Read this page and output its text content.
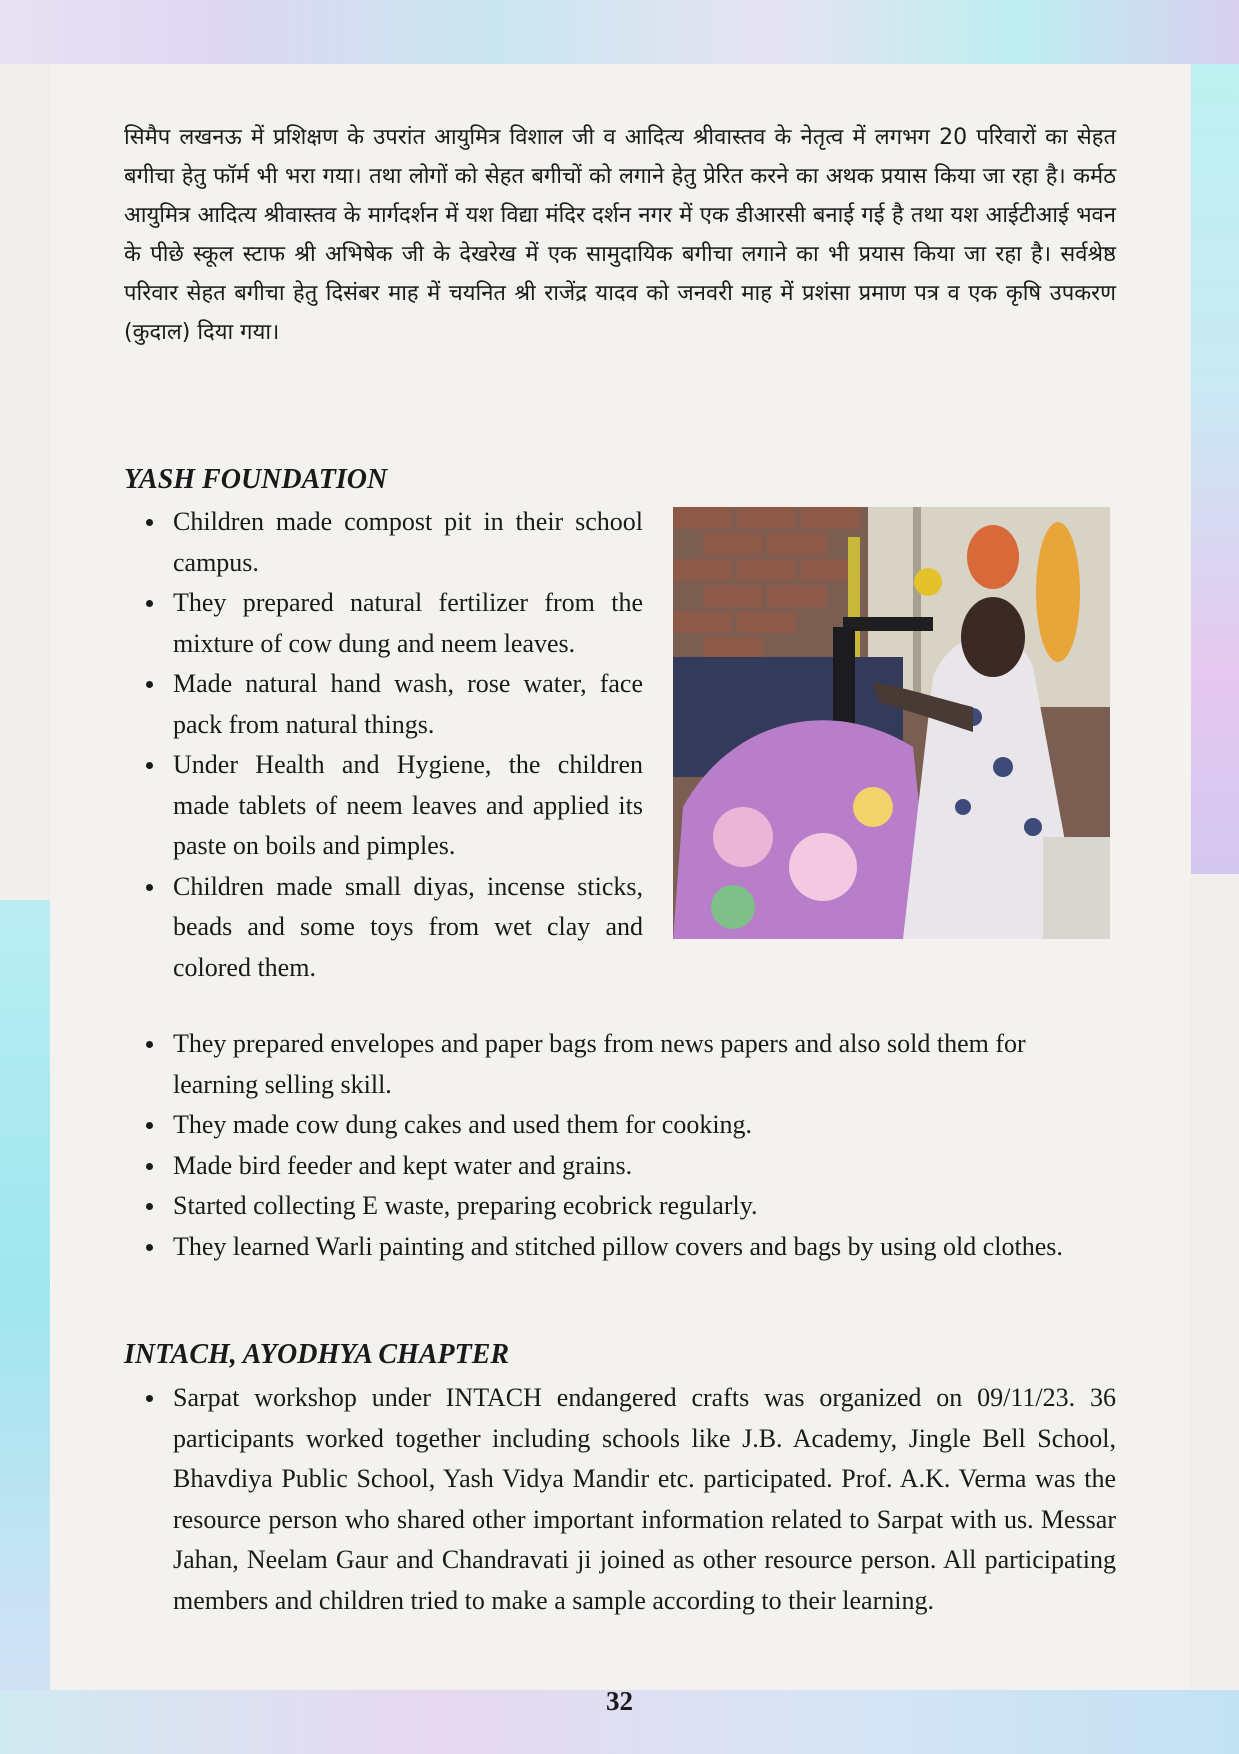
सिमैप लखनऊ में प्रशिक्षण के उपरांत आयुमित्र विशाल जी व आदित्य श्रीवास्तव के नेतृत्व में लगभग 20 परिवारों का सेहत बगीचा हेतु फॉर्म भी भरा गया। तथा लोगों को सेहत बगीचों को लगाने हेतु प्रेरित करने का अथक प्रयास किया जा रहा है। कर्मठ आयुमित्र आदित्य श्रीवास्तव के मार्गदर्शन में यश विद्या मंदिर दर्शन नगर में एक डीआरसी बनाई गई है तथा यश आईटीआई भवन के पीछे स्कूल स्टाफ श्री अभिषेक जी के देखरेख में एक सामुदायिक बगीचा लगाने का भी प्रयास किया जा रहा है। सर्वश्रेष्ठ परिवार सेहत बगीचा हेतु दिसंबर माह में चयनित श्री राजेंद्र यादव को जनवरी माह में प्रशंसा प्रमाण पत्र व एक कृषि उपकरण (कुदाल) दिया गया।

YASH FOUNDATION
Children made compost pit in their school campus.
They prepared natural fertilizer from the mixture of cow dung and neem leaves.
Made natural hand wash, rose water, face pack from natural things.
Under Health and Hygiene, the children made tablets of neem leaves and applied its paste on boils and pimples.
Children made small diyas, incense sticks, beads and some toys from wet clay and colored them.
They prepared envelopes and paper bags from news papers and also sold them for learning selling skill.
They made cow dung cakes and used them for cooking.
Made bird feeder and kept water and grains.
Started collecting E waste, preparing ecobrick regularly.
They learned Warli painting and stitched pillow covers and bags by using old clothes.
INTACH, AYODHYA CHAPTER
Sarpat workshop under INTACH endangered crafts was organized on 09/11/23. 36 participants worked together including schools like J.B. Academy, Jingle Bell School, Bhavdiya Public School, Yash Vidya Mandir etc. participated. Prof. A.K. Verma was the resource person who shared other important information related to Sarpat with us. Messar Jahan, Neelam Gaur and Chandravati ji joined as other resource person. All participating members and children tried to make a sample according to their learning.

32
